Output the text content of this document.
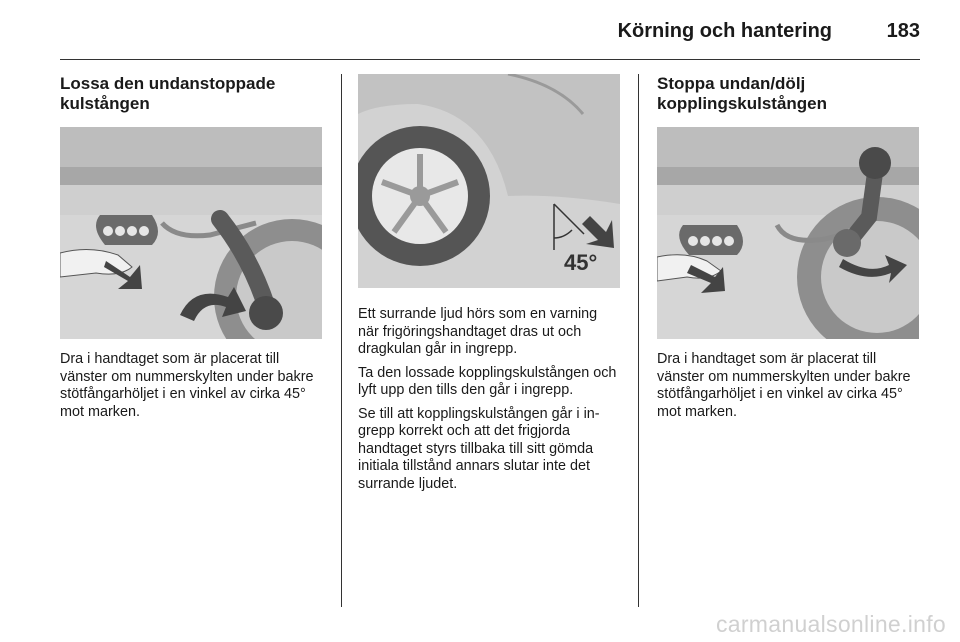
Körning och hantering	183
Lossa den undanstoppade kulstången

Dra i handtaget som är placerat till vänster om nummerskylten under bakre stötfångarhöljet i en vinkel av cirka 45° mot marken.

45°

Ett surrande ljud hörs som en varning när frigöringshandtaget dras ut och dragkulan går in ingrepp.

Ta den lossade kopplingskulstången och lyft upp den tills den går i ingrepp.

Se till att kopplingskulstången går i in-grepp korrekt och att det frigjorda handtaget styrs tillbaka till sitt gömda initiala tillstånd annars slutar inte det surrande ljudet.

Stoppa undan/dölj kopplingskulstången

Dra i handtaget som är placerat till vänster om nummerskylten under bakre stötfångarhöljet i en vinkel av cirka 45° mot marken.

carmanualsonline.info
